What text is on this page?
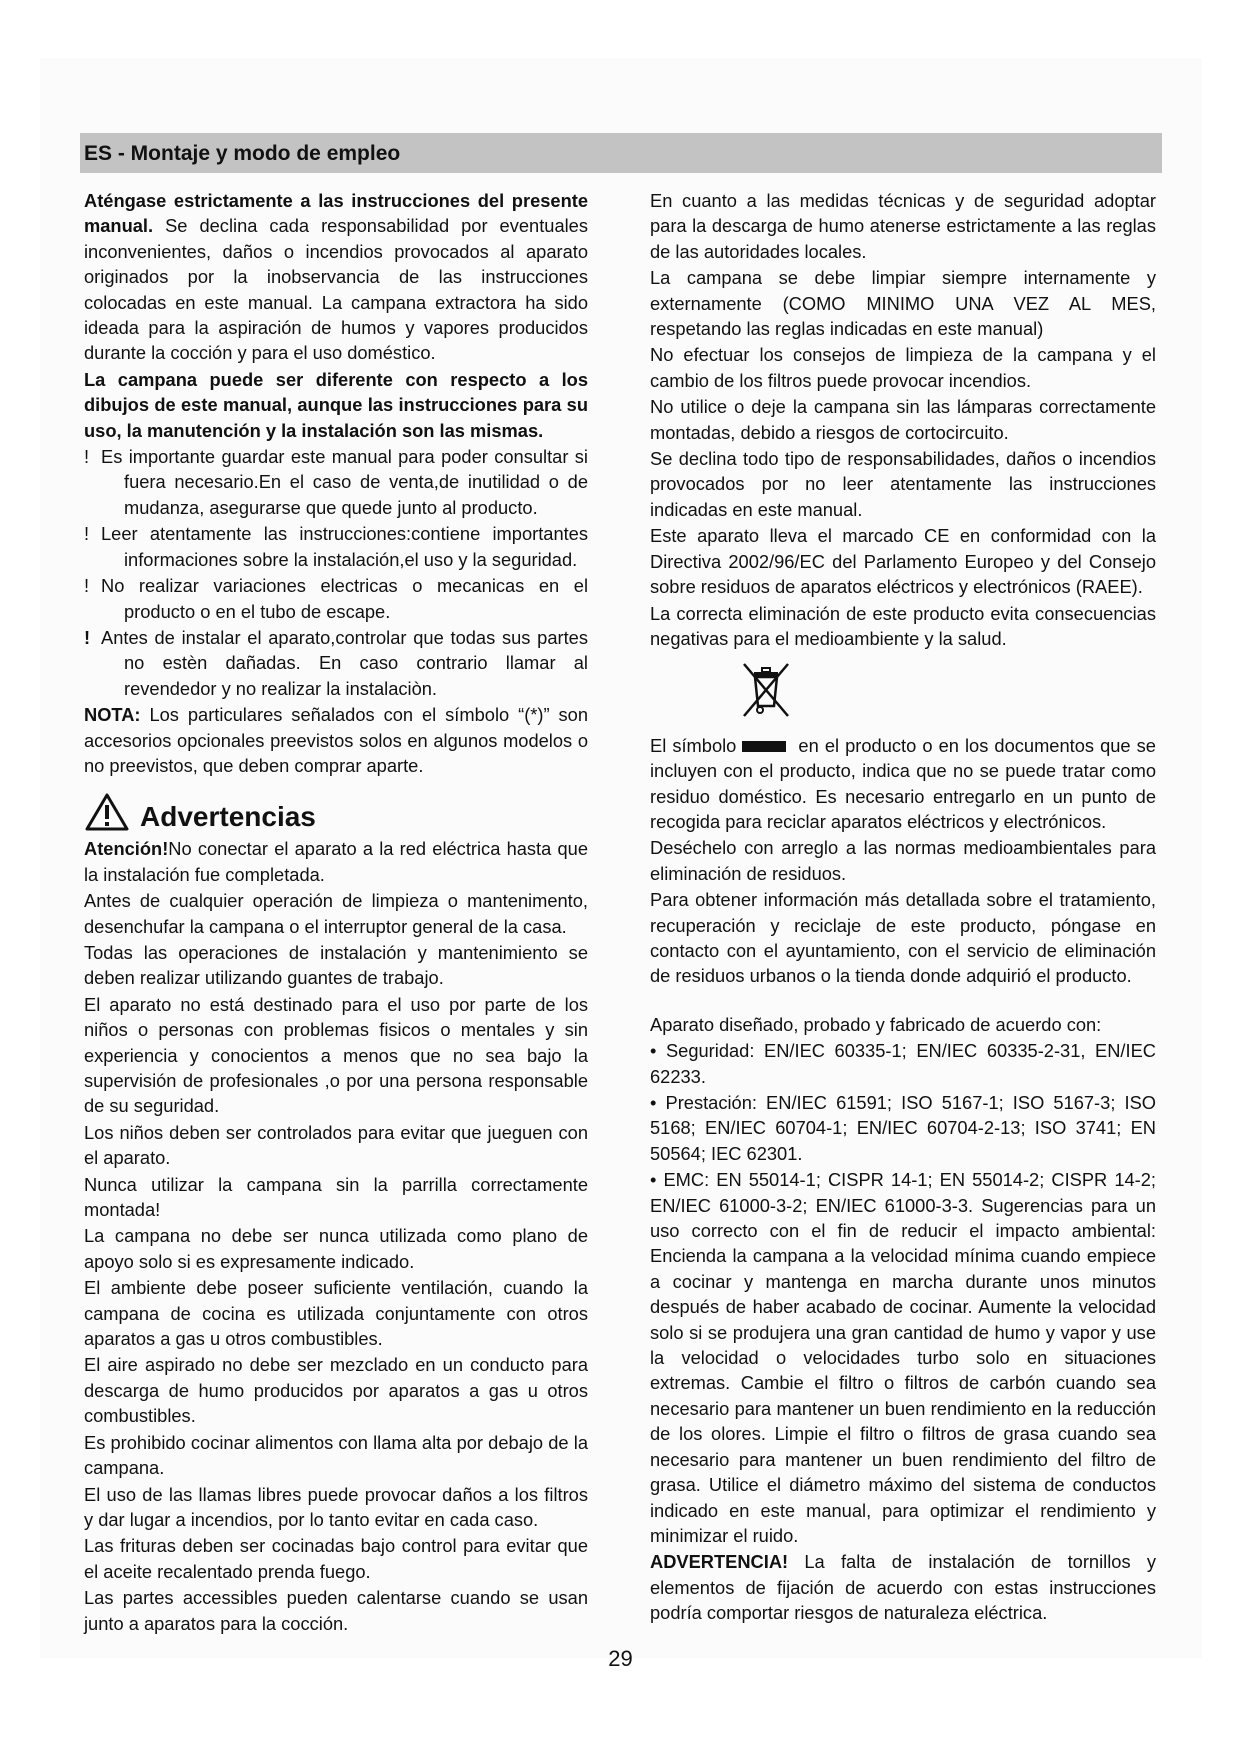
ES - Montaje y modo de empleo

Aténgase estrictamente a las instrucciones del presente manual. Se declina cada responsabilidad por eventuales inconvenientes, daños o incendios provocados al aparato originados por la inobservancia de las instrucciones colocadas en este manual. La campana extractora ha sido ideada para la aspiración de humos y vapores producidos durante la cocción y para el uso doméstico.

La campana puede ser diferente con respecto a los dibujos de este manual, aunque las instrucciones para su uso, la manutención y la instalación son las mismas.

! Es importante guardar este manual para poder consultar si fuera necesario.En el caso de venta,de inutilidad o de mudanza, asegurarse que quede junto al producto.

! Leer atentamente las instrucciones:contiene importantes informaciones sobre la instalación,el uso y la seguridad.

! No realizar variaciones electricas o mecanicas en el producto o en el tubo de escape.

! Antes de instalar el aparato,controlar que todas sus partes no estèn dañadas. En caso contrario llamar al revendedor y no realizar la instalaciòn.

NOTA: Los particulares señalados con el símbolo “(*)” son accesorios opcionales preevistos solos en algunos modelos o no preevistos, que deben comprar aparte.

Advertencias

Atención!No conectar el aparato a la red eléctrica hasta que la instalación fue completada.

Antes de cualquier operación de limpieza o mantenimento, desenchufar la campana o el interruptor general de la casa.

Todas las operaciones de instalación y mantenimiento se deben realizar utilizando guantes de trabajo.

El aparato no está destinado para el uso por parte de los niños o personas con problemas fisicos o mentales y sin experiencia y conocientos a menos que no sea bajo la supervisión de profesionales ,o por una persona responsable de su seguridad.

Los niños deben ser controlados para evitar que jueguen con el aparato.

Nunca utilizar la campana sin la parrilla correctamente montada!

La campana no debe ser nunca utilizada como plano de apoyo solo si es expresamente indicado.

El ambiente debe poseer suficiente ventilación, cuando la campana de cocina es utilizada conjuntamente con otros aparatos a gas u otros combustibles.

El aire aspirado no debe ser mezclado en un conducto para descarga de humo producidos por aparatos a gas u otros combustibles.

Es prohibido cocinar alimentos con llama alta por debajo de la campana.

El uso de las llamas libres puede provocar daños a los filtros y dar lugar a incendios, por lo tanto evitar en cada caso.

Las frituras deben ser cocinadas bajo control para evitar que el aceite recalentado prenda fuego.

Las partes accessibles pueden calentarse cuando se usan junto a aparatos para la cocción.

En cuanto a las medidas técnicas y de seguridad adoptar para la descarga de humo atenerse estrictamente a las reglas de las autoridades locales.

La campana se debe limpiar siempre internamente y externamente (COMO MINIMO UNA VEZ AL MES, respetando las reglas indicadas en este manual)

No efectuar los consejos de limpieza de la campana y el cambio de los filtros puede provocar incendios.

No utilice o deje la campana sin las lámparas correctamente montadas, debido a riesgos de cortocircuito.

Se declina todo tipo de responsabilidades, daños o incendios provocados por no leer atentamente las instrucciones indicadas en este manual.

Este aparato lleva el marcado CE en conformidad con la Directiva 2002/96/EC del Parlamento Europeo y del Consejo sobre residuos de aparatos eléctricos y electrónicos (RAEE).

La correcta eliminación de este producto evita consecuencias negativas para el medioambiente y la salud.

El símbolo	en el producto o en los documentos que se incluyen con el producto, indica que no se puede tratar como residuo doméstico. Es necesario entregarlo en un punto de recogida para reciclar aparatos eléctricos y electrónicos.

Deséchelo con arreglo a las normas medioambientales para eliminación de residuos.

Para obtener información más detallada sobre el tratamiento, recuperación y reciclaje de este producto, póngase en contacto con el ayuntamiento, con el servicio de eliminación de residuos urbanos o la tienda donde adquirió el producto.

Aparato diseñado, probado y fabricado de acuerdo con:

• Seguridad: EN/IEC 60335-1; EN/IEC 60335-2-31, EN/IEC 62233.

• Prestación: EN/IEC 61591; ISO 5167-1; ISO 5167-3; ISO 5168; EN/IEC 60704-1; EN/IEC 60704-2-13; ISO 3741; EN 50564; IEC 62301.

• EMC: EN 55014-1; CISPR 14-1; EN 55014-2; CISPR 14-2; EN/IEC 61000-3-2; EN/IEC 61000-3-3. Sugerencias para un uso correcto con el fin de reducir el impacto ambiental: Encienda la campana a la velocidad mínima cuando empiece a cocinar y mantenga en marcha durante unos minutos después de haber acabado de cocinar. Aumente la velocidad solo si se produjera una gran cantidad de humo y vapor y use la velocidad o velocidades turbo solo en situaciones extremas. Cambie el filtro o filtros de carbón cuando sea necesario para mantener un buen rendimiento en la reducción de los olores. Limpie el filtro o filtros de grasa cuando sea necesario para mantener un buen rendimiento del filtro de grasa. Utilice el diámetro máximo del sistema de conductos indicado en este manual, para optimizar el rendimiento y minimizar el ruido.

ADVERTENCIA! La falta de instalación de tornillos y elementos de fijación de acuerdo con estas instrucciones podría comportar riesgos de naturaleza eléctrica.

29
